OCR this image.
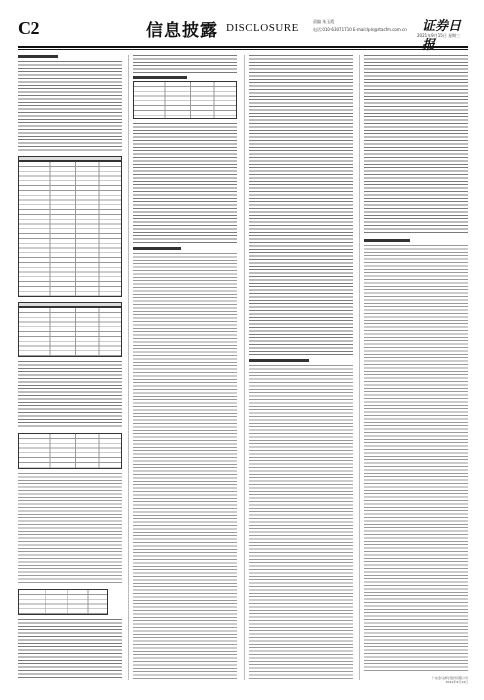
C2	信息披露 DISCLOSURE
责编 朱玉霞
电话:010-63071710 E-mail:lpls@rtacfm.com.cn 证券日
2021年9月15日 星期三
广东金马游乐股份有限公司
2021年9月14日
